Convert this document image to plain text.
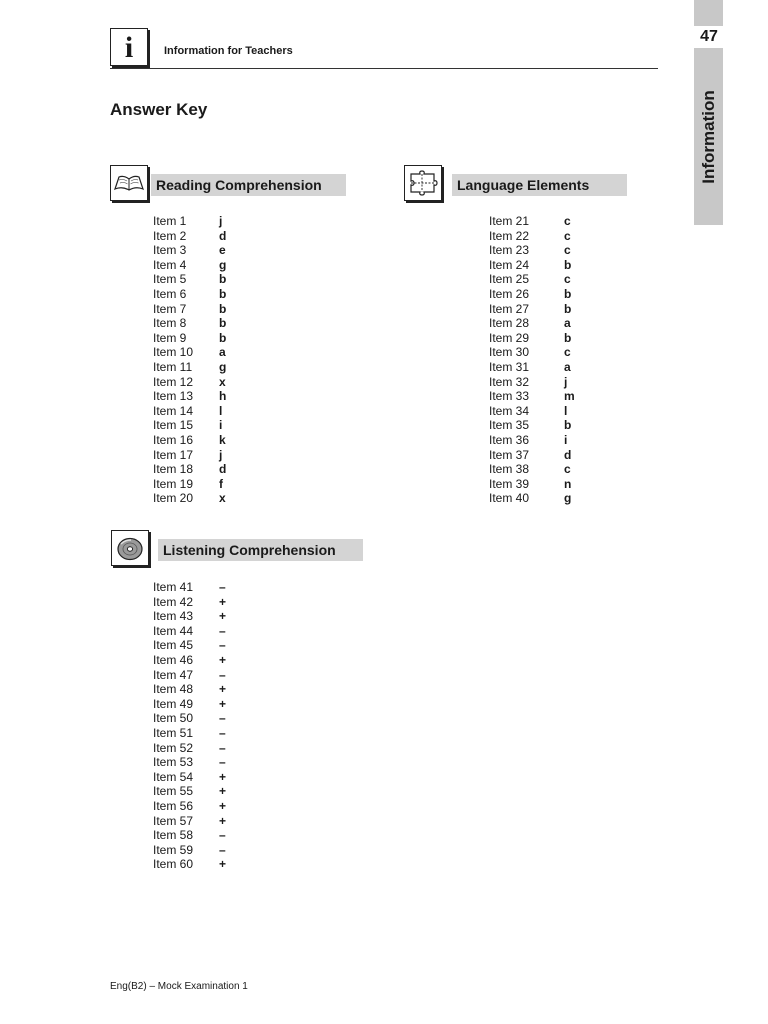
i	Information for Teachers
47
Information
Answer Key
Reading Comprehension	Language Elements
Listening Comprehension
Item 1	j
Item 2	d
Item 3	e
Item 4	g
Item 5	b
Item 6	b
Item 7	b
Item 8	b
Item 9	b
Item 10 a
Item 11 g
Item 12 x
Item 13 h
Item 14 l
Item 15 i
Item 16 k
Item 17 j
Item 18 d
Item 19 f
Item 20 x
Item 21	c
Item 22	c
Item 23	c
Item 24	b
Item 25	c
Item 26	b
Item 27	b
Item 28	a
Item 29	b
Item 30	c
Item 31	a
Item 32	j
Item 33	m
Item 34	l
Item 35	b
Item 36	i
Item 37	d
Item 38	c
Item 39	n
Item 40	g
Item 41 –
Item 42 +
Item 43 +
Item 44 –
Item 45 –
Item 46 +
Item 47 –
Item 48 +
Item 49 +
Item 50 –
Item 51 –
Item 52 –
Item 53 –
Item 54 +
Item 55 +
Item 56 +
Item 57 +
Item 58 –
Item 59 –
Item 60 +
Eng(B2) – Mock Examination 1
